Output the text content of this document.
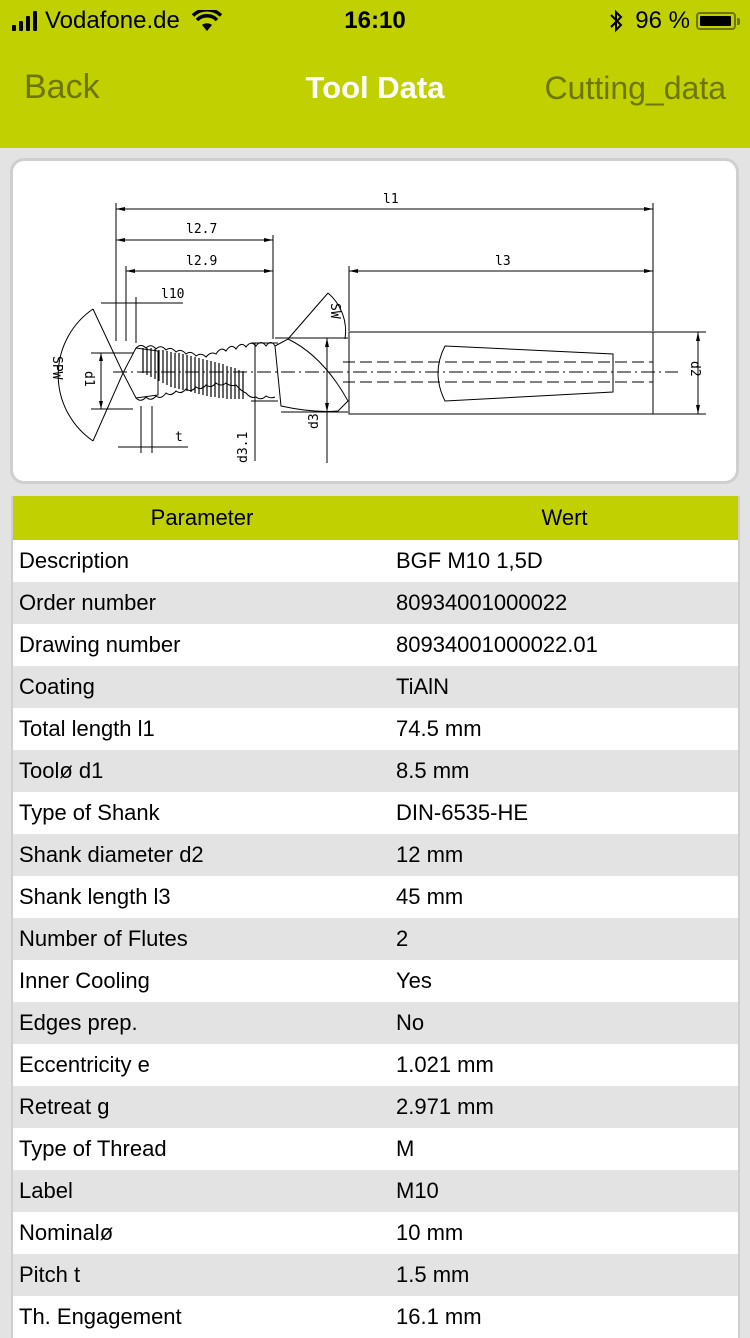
Vodafone.de	16:10	96 %
Back	Tool Data	Cutting_data
l1
l2.7
l2.9	l3
l10
t
SPW d1
d2
d3
d3.1
SW
Parameter	Wert
Description	BGF M10 1,5D
Order number	80934001000022
Drawing number	80934001000022.01
Coating	TiAlN
Total length l1	74.5 mm
Toolø d1	8.5 mm
Type of Shank	DIN-6535-HE
Shank diameter d2	12 mm
Shank length l3	45 mm
Number of Flutes	2
Inner Cooling	Yes
Edges prep.	No
Eccentricity e	1.021 mm
Retreat g	2.971 mm
Type of Thread	M
Label	M10
Nominalø	10 mm
Pitch t	1.5 mm
Th. Engagement	16.1 mm
